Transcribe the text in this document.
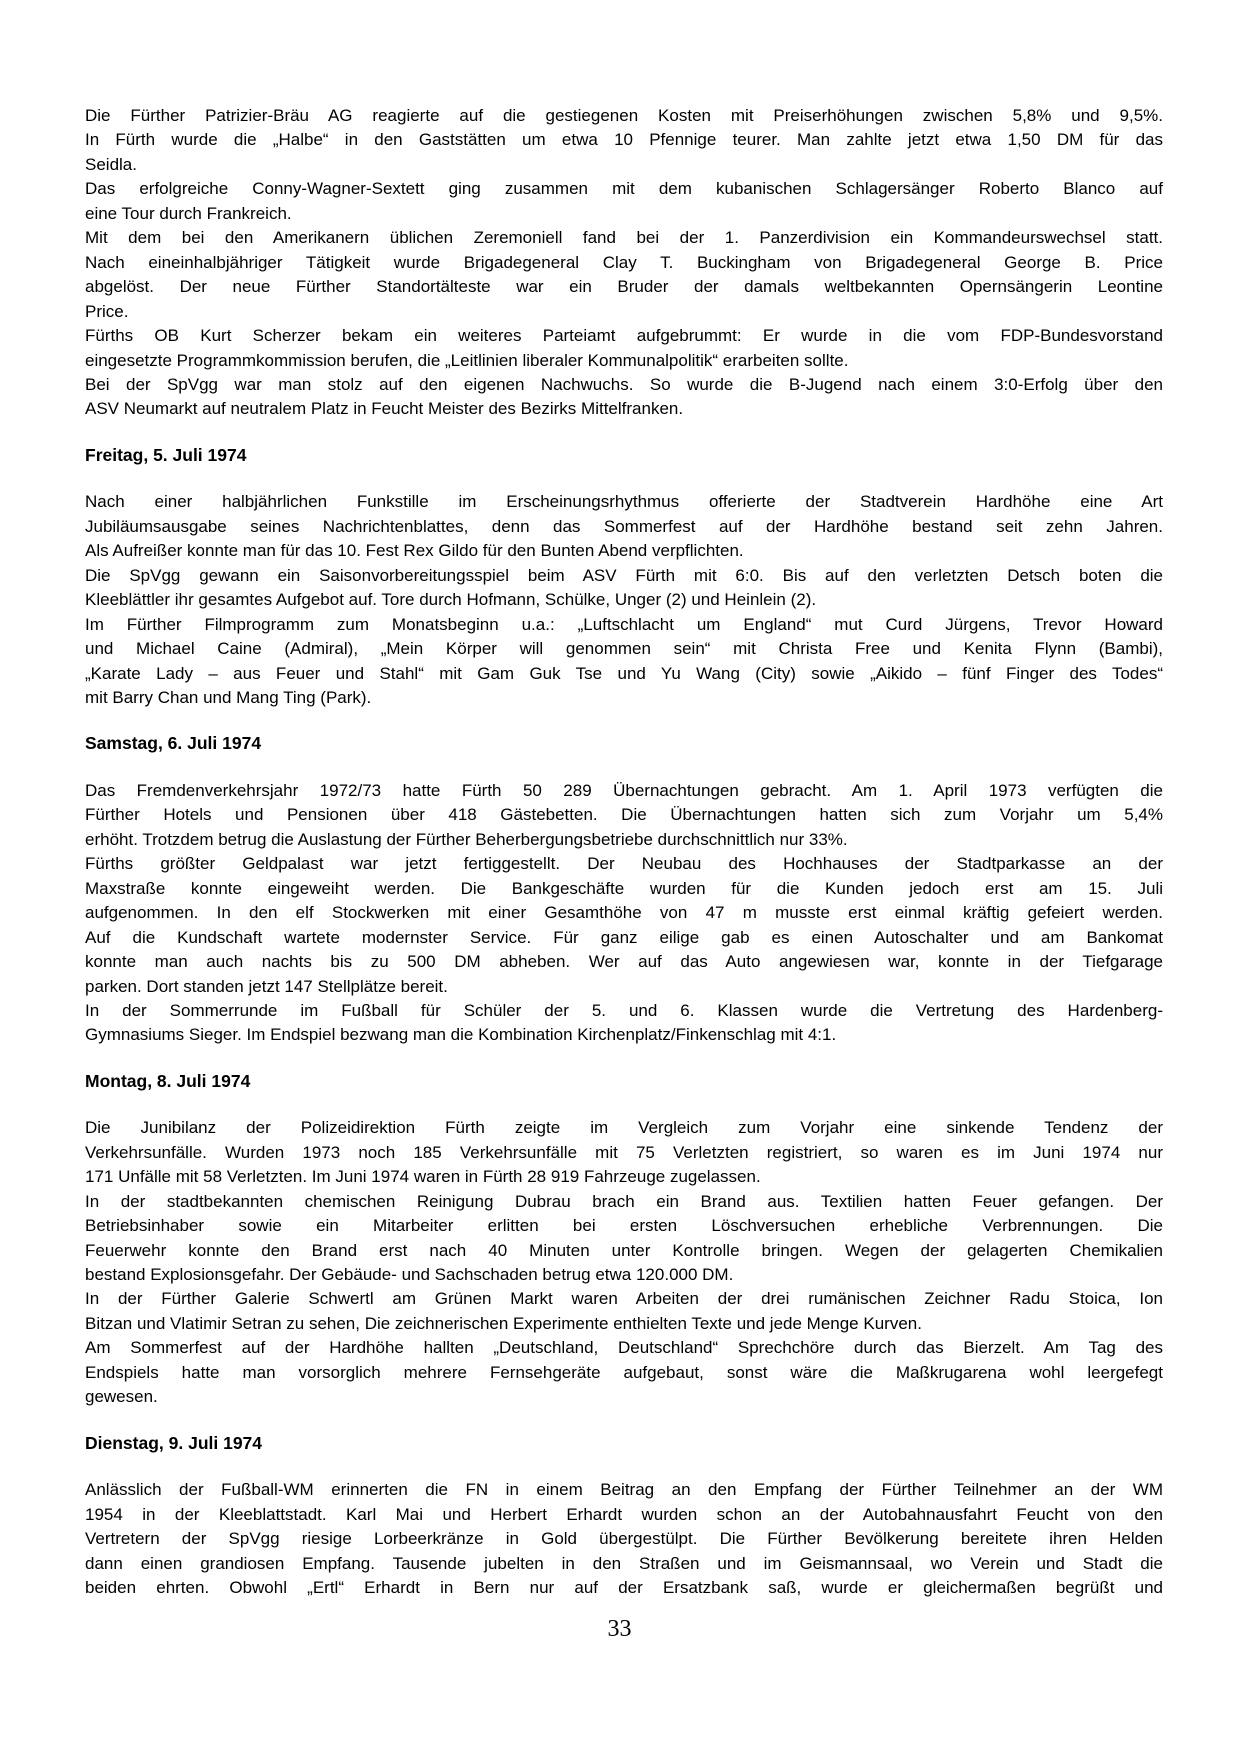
Die Fürther Patrizier-Bräu AG reagierte auf die gestiegenen Kosten mit Preiserhöhungen zwischen 5,8% und 9,5%.
In Fürth wurde die „Halbe“ in den Gaststätten um etwa 10 Pfennige teurer. Man zahlte jetzt etwa 1,50 DM für das
Seidla.
Das erfolgreiche Conny-Wagner-Sextett ging zusammen mit dem kubanischen Schlagersänger Roberto Blanco auf
eine Tour durch Frankreich.
Mit dem bei den Amerikanern üblichen Zeremoniell fand bei der 1. Panzerdivision ein Kommandeurswechsel statt.
Nach eineinhalbjähriger Tätigkeit wurde Brigadegeneral Clay T. Buckingham von Brigadegeneral George B. Price
abgelöst. Der neue Fürther Standortälteste war ein Bruder der damals weltbekannten Opernsängerin Leontine
Price.
Fürths OB Kurt Scherzer bekam ein weiteres Parteiamt aufgebrummt: Er wurde in die vom FDP-Bundesvorstand
eingesetzte Programmkommission berufen, die „Leitlinien liberaler Kommunalpolitik“ erarbeiten sollte.
Bei der SpVgg war man stolz auf den eigenen Nachwuchs. So wurde die B-Jugend nach einem 3:0-Erfolg über den
ASV Neumarkt auf neutralem Platz in Feucht Meister des Bezirks Mittelfranken.
Freitag, 5. Juli 1974
Nach einer halbjährlichen Funkstille im Erscheinungsrhythmus offerierte der Stadtverein Hardhöhe eine Art
Jubiläumsausgabe seines Nachrichtenblattes, denn das Sommerfest auf der Hardhöhe bestand seit zehn Jahren.
Als Aufreißer konnte man für das 10. Fest Rex Gildo für den Bunten Abend verpflichten.
Die SpVgg gewann ein Saisonvorbereitungsspiel beim ASV Fürth mit 6:0. Bis auf den verletzten Detsch boten die
Kleeblättler ihr gesamtes Aufgebot auf. Tore durch Hofmann, Schülke, Unger (2) und Heinlein (2).
Im Fürther Filmprogramm zum Monatsbeginn u.a.: „Luftschlacht um England“ mut Curd Jürgens, Trevor Howard
und Michael Caine (Admiral), „Mein Körper will genommen sein“ mit Christa Free und Kenita Flynn (Bambi),
„Karate Lady – aus Feuer und Stahl“ mit Gam Guk Tse und Yu Wang (City) sowie „Aikido – fünf Finger des Todes“
mit Barry Chan und Mang Ting (Park).
Samstag, 6. Juli 1974
Das Fremdenverkehrsjahr 1972/73 hatte Fürth 50 289 Übernachtungen gebracht. Am 1. April 1973 verfügten die
Fürther Hotels und Pensionen über 418 Gästebetten. Die Übernachtungen hatten sich zum Vorjahr um 5,4%
erhöht. Trotzdem betrug die Auslastung der Fürther Beherbergungsbetriebe durchschnittlich nur 33%.
Fürths größter Geldpalast war jetzt fertiggestellt. Der Neubau des Hochhauses der Stadtparkasse an der
Maxstraße konnte eingeweiht werden. Die Bankgeschäfte wurden für die Kunden jedoch erst am 15. Juli
aufgenommen. In den elf Stockwerken mit einer Gesamthöhe von 47 m musste erst einmal kräftig gefeiert werden.
Auf die Kundschaft wartete modernster Service. Für ganz eilige gab es einen Autoschalter und am Bankomat
konnte man auch nachts bis zu 500 DM abheben. Wer auf das Auto angewiesen war, konnte in der Tiefgarage
parken. Dort standen jetzt 147 Stellplätze bereit.
In der Sommerrunde im Fußball für Schüler der 5. und 6. Klassen wurde die Vertretung des Hardenberg-
Gymnasiums Sieger. Im Endspiel bezwang man die Kombination Kirchenplatz/Finkenschlag mit 4:1.
Montag, 8. Juli 1974
Die Junibilanz der Polizeidirektion Fürth zeigte im Vergleich zum Vorjahr eine sinkende Tendenz der
Verkehrsunfälle. Wurden 1973 noch 185 Verkehrsunfälle mit 75 Verletzten registriert, so waren es im Juni 1974 nur
171 Unfälle mit 58 Verletzten. Im Juni 1974 waren in Fürth 28 919 Fahrzeuge zugelassen.
In der stadtbekannten chemischen Reinigung Dubrau brach ein Brand aus. Textilien hatten Feuer gefangen. Der
Betriebsinhaber sowie ein Mitarbeiter erlitten bei ersten Löschversuchen erhebliche Verbrennungen. Die
Feuerwehr konnte den Brand erst nach 40 Minuten unter Kontrolle bringen. Wegen der gelagerten Chemikalien
bestand Explosionsgefahr. Der Gebäude- und Sachschaden betrug etwa 120.000 DM.
In der Fürther Galerie Schwertl am Grünen Markt waren Arbeiten der drei rumänischen Zeichner Radu Stoica, Ion
Bitzan und Vlatimir Setran zu sehen, Die zeichnerischen Experimente enthielten Texte und jede Menge Kurven.
Am Sommerfest auf der Hardhöhe hallten „Deutschland, Deutschland“ Sprechchöre durch das Bierzelt. Am Tag des
Endspiels hatte man vorsorglich mehrere Fernsehgeräte aufgebaut, sonst wäre die Maßkrugarena wohl leergefegt
gewesen.
Dienstag, 9. Juli 1974
Anlässlich der Fußball-WM erinnerten die FN in einem Beitrag an den Empfang der Fürther Teilnehmer an der WM
1954 in der Kleeblattstadt. Karl Mai und Herbert Erhardt wurden schon an der Autobahnausfahrt Feucht von den
Vertretern der SpVgg riesige Lorbeerkränze in Gold übergestülpt. Die Fürther Bevölkerung bereitete ihren Helden
dann einen grandiosen Empfang. Tausende jubelten in den Straßen und im Geismannsaal, wo Verein und Stadt die
beiden ehrten. Obwohl „Ertl“ Erhardt in Bern nur auf der Ersatzbank saß, wurde er gleichermaßen begrüßt und
33
